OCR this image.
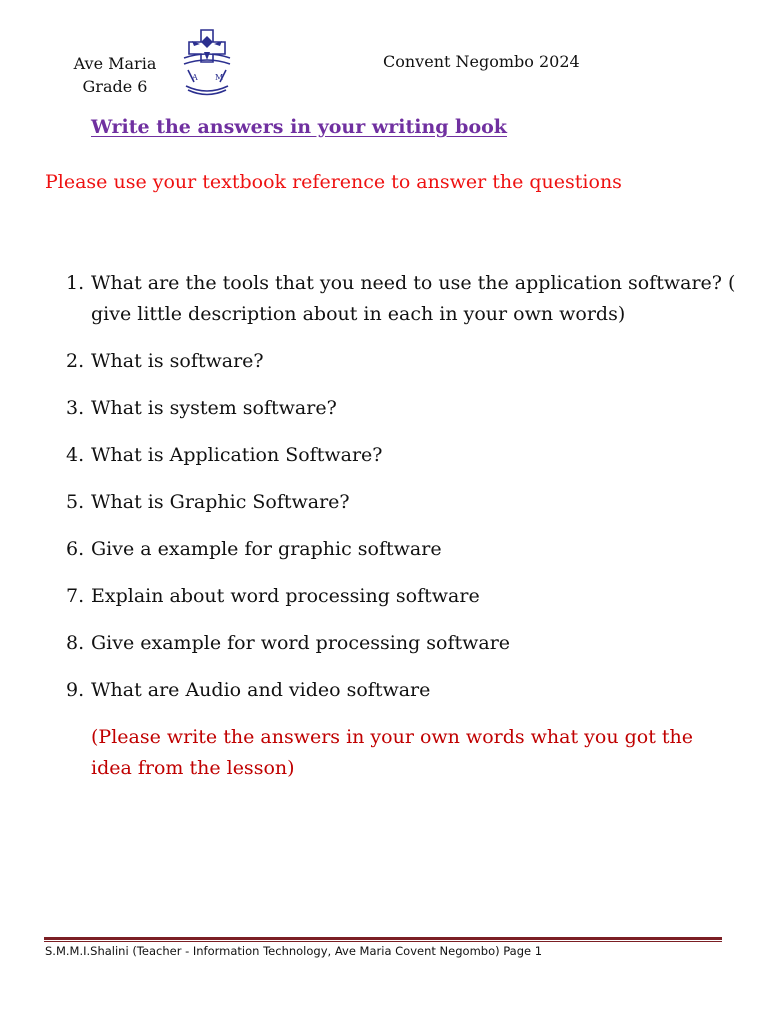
Ave Maria
Grade 6	A M
Convent Negombo 2024
Write the answers in your writing book
Please use your textbook reference to answer the questions
1. What are the tools that you need to use the application software? ( give little description about in each in your own words)
2. What is software?
3. What is system software?
4. What is Application Software?
5. What is Graphic Software?
6. Give a example for graphic software
7. Explain about word processing software
8. Give example for word processing software
9. What are Audio and video software
(Please write the answers in your own words what you got the idea from the lesson)
S.M.M.I.Shalini (Teacher - Information Technology, Ave Maria Covent Negombo) Page 1
